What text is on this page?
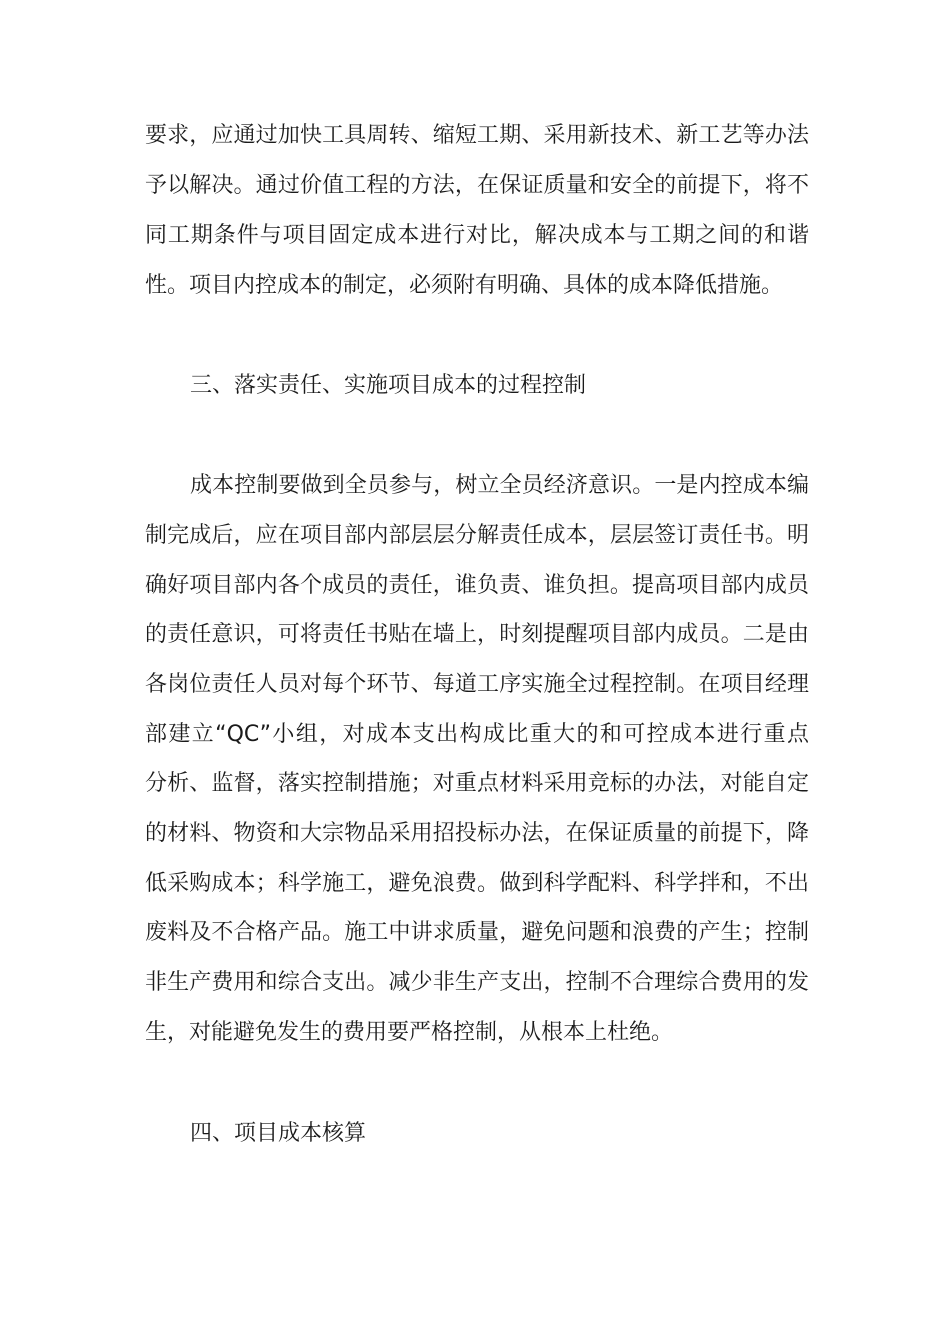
要求，应通过加快工具周转、缩短工期、采用新技术、新工艺等办法
予以解决。通过价值工程的方法，在保证质量和安全的前提下，将不
同工期条件与项目固定成本进行对比，解决成本与工期之间的和谐
性。项目内控成本的制定，必须附有明确、具体的成本降低措施。
三、落实责任、实施项目成本的过程控制
成本控制要做到全员参与，树立全员经济意识。一是内控成本编
制完成后，应在项目部内部层层分解责任成本，层层签订责任书。明
确好项目部内各个成员的责任，谁负责、谁负担。提高项目部内成员
的责任意识，可将责任书贴在墙上，时刻提醒项目部内成员。二是由
各岗位责任人员对每个环节、每道工序实施全过程控制。在项目经理
部建立“QC”小组，对成本支出构成比重大的和可控成本进行重点
分析、监督，落实控制措施；对重点材料采用竞标的办法，对能自定
的材料、物资和大宗物品采用招投标办法，在保证质量的前提下，降
低采购成本；科学施工，避免浪费。做到科学配料、科学拌和，不出
废料及不合格产品。施工中讲求质量，避免问题和浪费的产生；控制
非生产费用和综合支出。减少非生产支出，控制不合理综合费用的发
生，对能避免发生的费用要严格控制，从根本上杜绝。
四、项目成本核算
